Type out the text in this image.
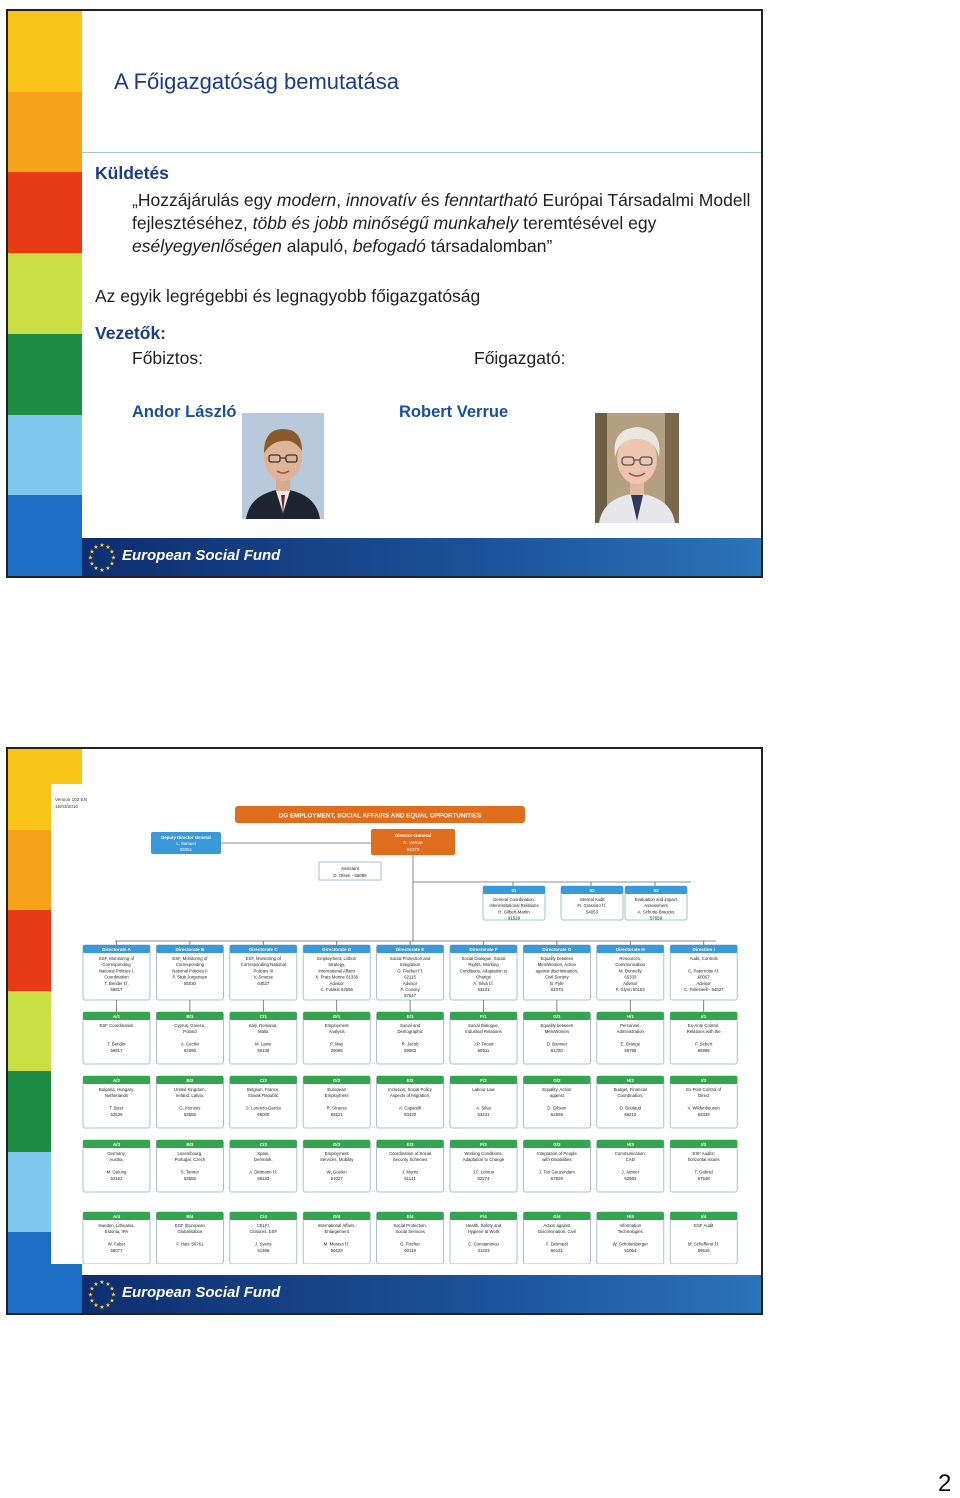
A Főigazgatóság bemutatása
Küldetés
„Hozzájárulás egy modern, innovatív és fenntartható Európai Társadalmi Modell fejlesztéséhez, több és jobb minőségű munkahely teremtésével egy esélyegyenlőségen alapuló, befogadó társadalomban”
Az egyik legrégebbi és legnagyobb főigazgatóság
Vezetők:
Főbiztos:	Főigazgató:
Andor László	Robert Verrue
★ ★
★
★
★
★
★
★
★
★
★
★ European Social Fund
Version 103 EN
15/03/2010
DG EMPLOYMENT, SOCIAL AFFAIRS AND EQUAL OPPORTUNITIES
Deputy Director General
L. Samuel
55051
Director-General
R. Verrue
54370
Assistant
D. Olsen - 55089
01
General Coordination,
Interinstitutional Relations
H. Gilbert-Martin
91529
02
Internal Audit
Fr. Grassino f.f.
54053
03
Evaluation and impact
Assessment
A. Schutte-Braucks
57659
Directorate A
ESF, Monitoring of
Corresponding
National Policies I,
Coordination
T. Bender f.f.
59817
A/1
ESF Coordination
T. Bender
59817
A/2
Bulgaria, Hungary,
Netherlands
T. Busz
52539
A/3
Germany,
Austria,
M. Gelung
52162
A/4
Sweden, Lithuania,
Estonia, IPA
W. Faber
56077
Directorate B
ESF, Monitoring of
Corresponding
National Policies II
P. Stub Jorgensen
55030
B/1
Cyprus, Greece,
Poland
A. Cecilio
62096
B/2
United Kingdom,
Ireland, Latvia,
G. Kiorosis
53558
B/3
Luxembourg,
Portugal, Czech
S. Tanner
53558
B/4
EGF (European
Globalisation
F. Hatt- 56761
Directorate C
ESF, Monitoring of
Corresponding National
Policies III
V. Smetse
64527
C/1
Italy, Romania,
Malta
M. Laine
50138
C/2
Belgium, France,
Slovak Republic
S. Lorenzo-Garcia
66000
C/3
Spain,
Denmark,
A. Dittmann f.f.
58183
C/4
CELFI,
Closures, ESF
J. Svens
51366
Directorate D
Employment, Lisbon
Strategy,
International Affairs
X. Prats Monne 61336
Advisor
C. Fotakis 52556
D/1
Employment
Analysis
P. May
29068
D/2
European
Employment
R. Strauss
65521
D/3
Employment
Services, Mobility
W. Goelen
51027
D/4
International Affairs,
Enlargement
M. Morass f.f.
56623
Directorate E
Social Protection and
Integration
G. Fischer f.f.
62115
Advisor
P. Convey
57647
E/1
Social and
Demographic
R. Jacob
59083
E/2
Inclusion, Social Policy
Aspects of Migration,
A. Caparelli
83420
E/3
Coordination of Social
Security Schemes
J. Morris
61141
E/4
Social Protection,
Social Services
G. Fischer
60119
Directorate F
Social Dialogue, Social
Rights, Working
Conditions, Adaptation to
Change
A. Silva f.f.
53231
F/1
Social Dialogue,
Industrial Relations
J.P. Tricart
60511
F/2
Labour Law
A. Silva
53231
F/3
Working Conditions,
Adaptation to Change
J.F. Lebrun
82274
F/4
Health, Safety and
Hygiene at Work
C. Constantinou
31333
Directorate G
Equality between
Men/Women, Action
against discrimination,
Civil Society
B. Fyfe
61073
G/1
Equality between
Men/Women
D. Bannier
51780
G/2
Equality, Action
against
D. Gibson
52568
G/3
Integration of People
with Disabilities
J. Ten Geuzendam
57828
G/4
Action against
Discrimination, Civil
F. Desmedt
56131
Directorate H
Resources,
Communication
M. Donnelly
65333
Advisor
F. Glynn 50183
H/1
Personnel,
Administration
E. Grange
55795
H/2
Budget, Financial
Coordination,
O. Boulaud
66210
H/3
Communication,
CAD
J. Janner
52983
H/4
Information
Technologies
W. Schobesberger
51064
Direction I
Audit, Controls
C. Paternotte f.f.
60057
Advisor
C. Fellerwell - 54037
I/1
Ex-Ante Control,
Relations with the
F. Sebert
66999
I/2
Ex-Post Control of
Direct
V. Wildenbeusen
53339
I/3
ESF Audits:
horizontal issues
T. Gabriel
57548
I/4
ESF Audit
M. Schefferot f.f.
59516
★ ★
★
★
★
★
★
★
★
★
★
★ European Social Fund
2
